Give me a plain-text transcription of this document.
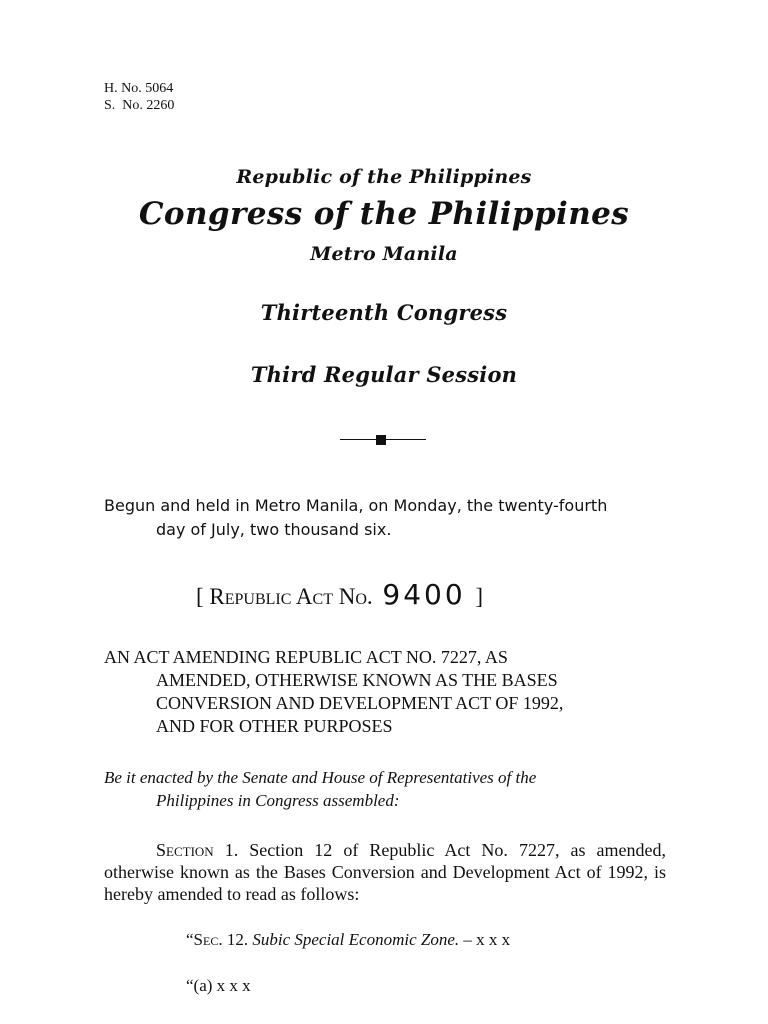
H. No. 5064
S.  No. 2260
Republic of the Philippines
Congress of the Philippines
Metro Manila
Thirteenth Congress
Third Regular Session
Begun and held in Metro Manila, on Monday, the twenty-fourth
day of July, two thousand six.
[ Republic Act No. 9400 ]
AN ACT AMENDING REPUBLIC ACT NO. 7227, AS
AMENDED, OTHERWISE KNOWN AS THE BASES
CONVERSION AND DEVELOPMENT ACT OF 1992,
AND FOR OTHER PURPOSES
Be it enacted by the Senate and House of Representatives of the
Philippines in Congress assembled:
Section 1. Section 12 of Republic Act No. 7227, as amended, otherwise known as the Bases Conversion and Development Act of 1992, is hereby amended to read as follows:
“Sec. 12. Subic Special Economic Zone. – x x x
“(a) x x x
